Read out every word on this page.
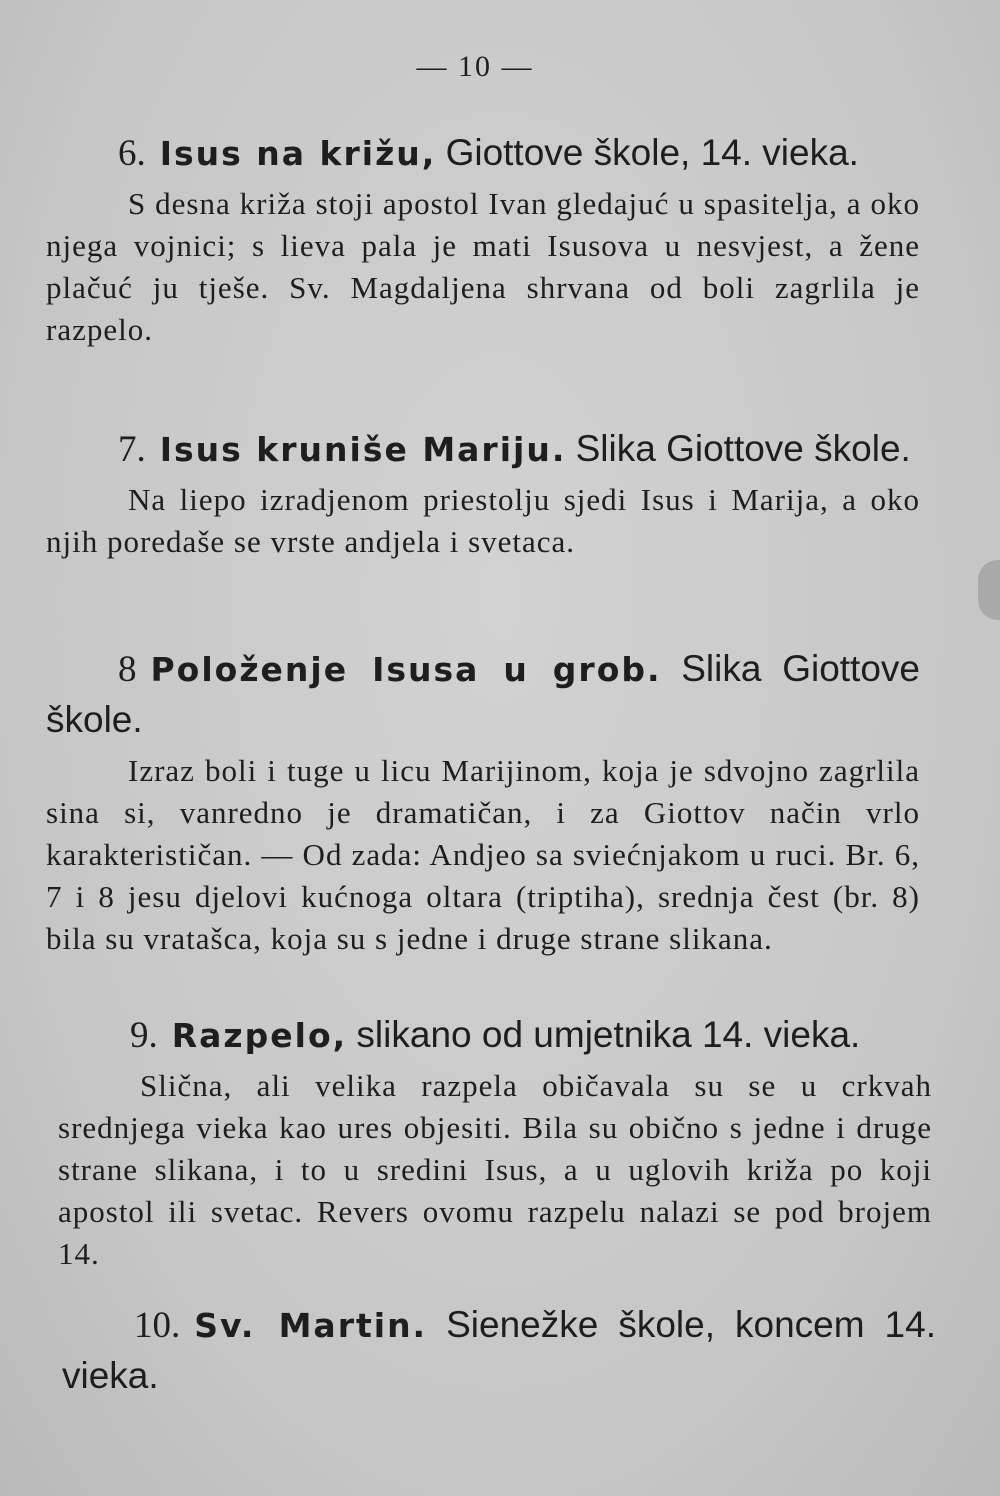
— 10 —

6. Isus na križu, Giottove škole, 14. vieka.

S desna križa stoji apostol Ivan gledajuć u spasitelja, a oko njega vojnici; s lieva pala je mati Isusova u nesvjest, a žene plačuć ju tješe. Sv. Magdaljena shrvana od boli zagrlila je razpelo.

7. Isus kruniše Mariju. Slika Giottove škole.

Na liepo izradjenom priestolju sjedi Isus i Marija, a oko njih poredaše se vrste andjela i svetaca.

8 Položenje Isusa u grob. Slika Giottove škole.

Izraz boli i tuge u licu Marijinom, koja je sdvojno zagrlila sina si, vanredno je dramatičan, i za Giottov način vrlo karakterističan. — Od zada: Andjeo sa sviećnjakom u ruci. Br. 6, 7 i 8 jesu djelovi kućnoga oltara (triptiha), srednja čest (br. 8) bila su vratašca, koja su s jedne i druge strane slikana.

9. Razpelo, slikano od umjetnika 14. vieka.

Slična, ali velika razpela običavala su se u crkvah srednjega vieka kao ures objesiti. Bila su obično s jedne i druge strane slikana, i to u sredini Isus, a u uglovih križa po koji apostol ili svetac. Revers ovomu razpelu nalazi se pod brojem 14.

10. Sv. Martin. Sienežke škole, koncem 14. vieka.
